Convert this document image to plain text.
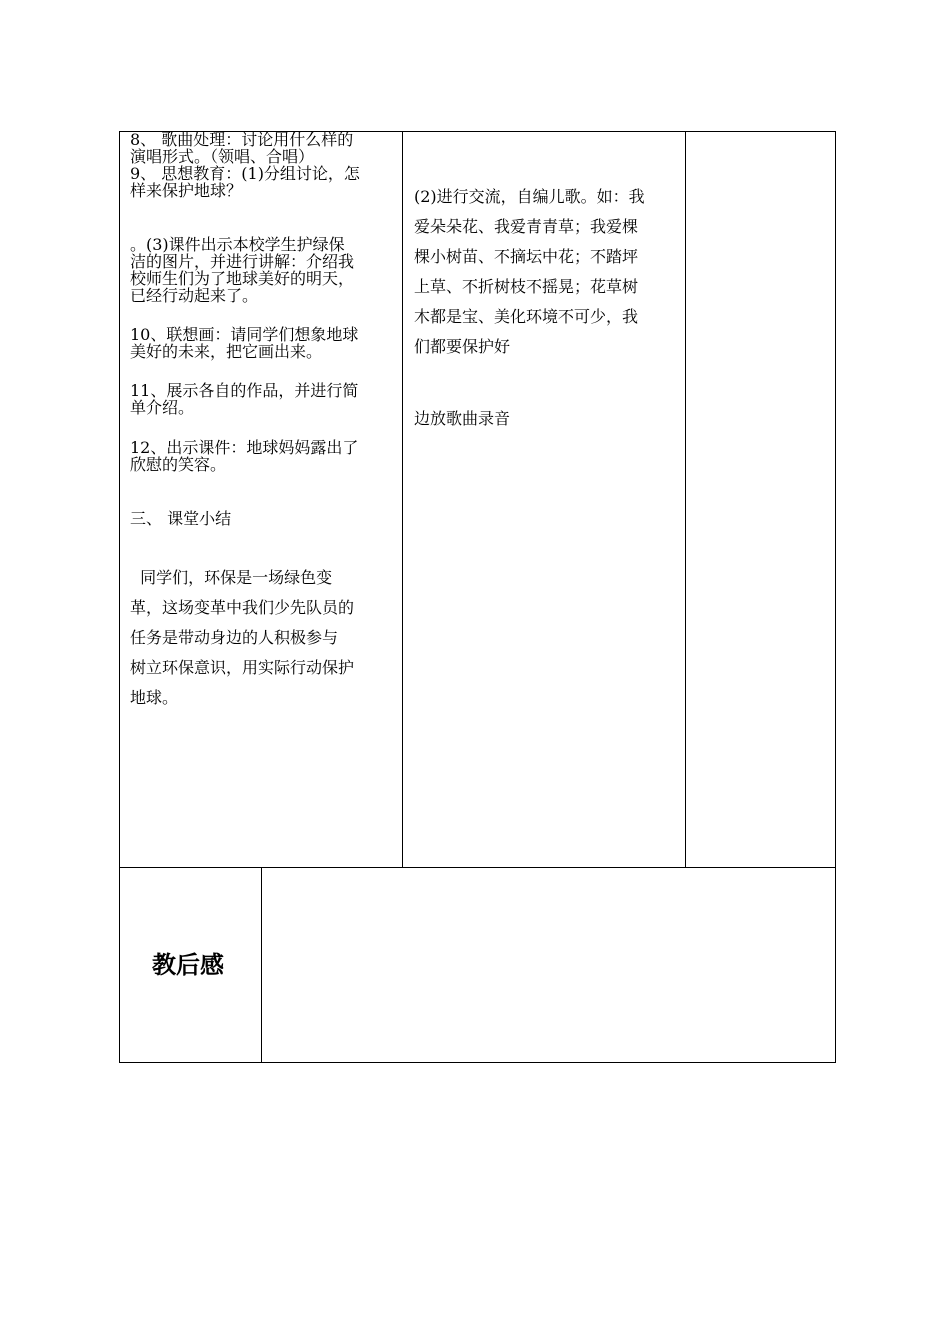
8、 歌曲处理：讨论用什么样的

演唱形式。（领唱、合唱）

9、 思想教育：(1)分组讨论，怎

样来保护地球？

。(3)课件出示本校学生护绿保

洁的图片，并进行讲解：介绍我

校师生们为了地球美好的明天，

已经行动起来了。

10、联想画：请同学们想象地球

美好的未来，把它画出来。

11、展示各自的作品，并进行简

单介绍。

12、出示课件：地球妈妈露出了

欣慰的笑容。

三、 课堂小结

同学们，环保是一场绿色变

革，这场变革中我们少先队员的

任务是带动身边的人积极参与

树立环保意识，用实际行动保护

地球。

(2)进行交流，自编儿歌。如：我

爱朵朵花、我爱青青草；我爱棵

棵小树苗、不摘坛中花；不踏坪

上草、不折树枝不摇晃；花草树

木都是宝、美化环境不可少，我

们都要保护好

边放歌曲录音

教后感
